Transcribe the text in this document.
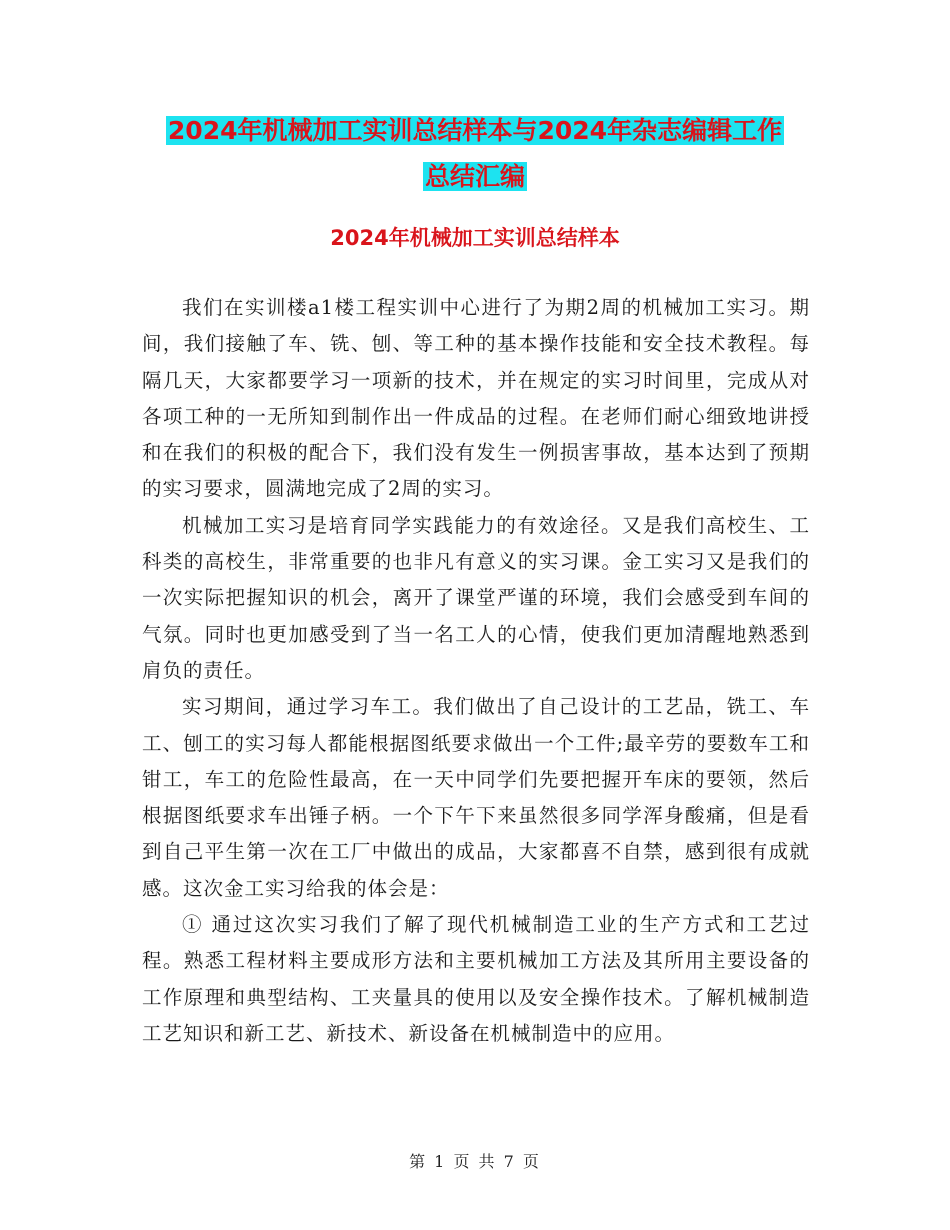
2024年机械加工实训总结样本与2024年杂志编辑工作
总结汇编
2024年机械加工实训总结样本

我们在实训楼a1楼工程实训中心进行了为期2周的机械加工实习。期间，我们接触了车、铣、刨、等工种的基本操作技能和安全技术教程。每隔几天，大家都要学习一项新的技术，并在规定的实习时间里，完成从对各项工种的一无所知到制作出一件成品的过程。在老师们耐心细致地讲授和在我们的积极的配合下，我们没有发生一例损害事故，基本达到了预期的实习要求，圆满地完成了2周的实习。

机械加工实习是培育同学实践能力的有效途径。又是我们高校生、工科类的高校生，非常重要的也非凡有意义的实习课。金工实习又是我们的一次实际把握知识的机会，离开了课堂严谨的环境，我们会感受到车间的气氛。同时也更加感受到了当一名工人的心情，使我们更加清醒地熟悉到肩负的责任。

实习期间，通过学习车工。我们做出了自己设计的工艺品，铣工、车工、刨工的实习每人都能根据图纸要求做出一个工件;最辛劳的要数车工和钳工，车工的危险性最高，在一天中同学们先要把握开车床的要领，然后根据图纸要求车出锤子柄。一个下午下来虽然很多同学浑身酸痛，但是看到自己平生第一次在工厂中做出的成品，大家都喜不自禁，感到很有成就感。这次金工实习给我的体会是：

① 通过这次实习我们了解了现代机械制造工业的生产方式和工艺过程。熟悉工程材料主要成形方法和主要机械加工方法及其所用主要设备的工作原理和典型结构、工夹量具的使用以及安全操作技术。了解机械制造工艺知识和新工艺、新技术、新设备在机械制造中的应用。

第 1 页 共 7 页
